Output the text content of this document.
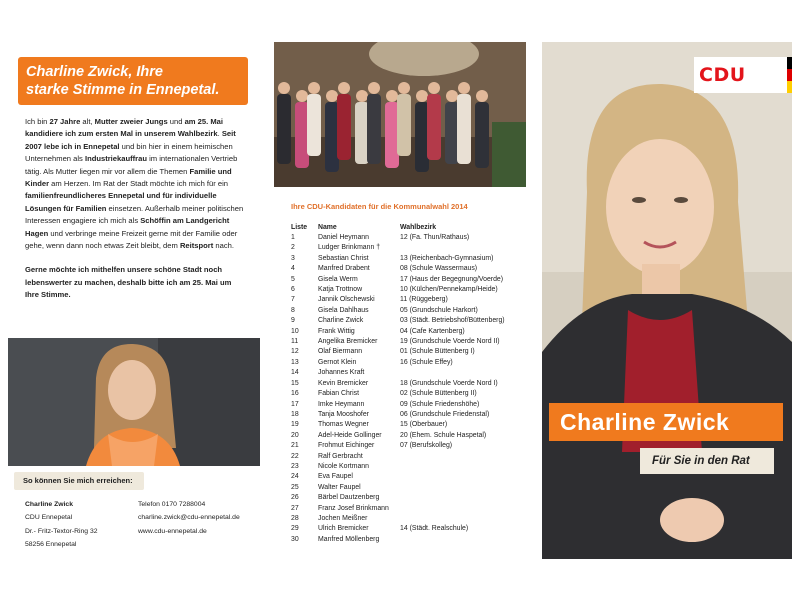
Charline Zwick, Ihre
starke Stimme in Ennepetal.

Ich bin 27 Jahre alt, Mutter zweier Jungs und am 25. Mai kandidiere ich zum ersten Mal in unserem Wahlbezirk. Seit 2007 lebe ich in Ennepetal und bin hier in einem heimischen Unternehmen als Industriekauffrau im internationalen Vertrieb tätig. Als Mutter liegen mir vor allem die Themen Familie und Kinder am Herzen. Im Rat der Stadt möchte ich mich für ein familienfreundlicheres Ennepetal und für individuelle Lösungen für Familien einsetzen. Außerhalb meiner politischen Interessen engagiere ich mich als Schöffin am Landgericht Hagen und verbringe meine Freizeit gerne mit der Familie oder gehe, wenn dann noch etwas Zeit bleibt, dem Reitsport nach.

Gerne möchte ich mithelfen unsere schöne Stadt noch lebenswerter zu machen, deshalb bitte ich am 25. Mai um Ihre Stimme.

So können Sie mich erreichen:
Charline Zwick
CDU Ennepetal
Dr.- Fritz-Textor-Ring 32
58256 Ennepetal
Telefon 0170 7288004
charline.zwick@cdu-ennepetal.de
www.cdu-ennepetal.de
Ihre CDU-Kandidaten für die Kommunalwahl 2014
Liste	Name	Wahlbezirk
1	Daniel Heymann	12 (Fa. Thun/Rathaus)
2	Ludger Brinkmann †	
3	Sebastian Christ	13 (Reichenbach-Gymnasium)
4	Manfred Drabent	08 (Schule Wassermaus)
5	Gisela Werm	17 (Haus der Begegnung/Voerde)
6	Katja Trottnow	10 (Külchen/Pennekamp/Heide)
7	Jannik Olschewski	11 (Rüggeberg)
8	Gisela Dahlhaus	05 (Grundschule Harkort)
9	Charline Zwick	03 (Städt. Betriebshof/Büttenberg)
10	Frank Wittig	04 (Cafe Kartenberg)
11	Angelika Bremicker	19 (Grundschule Voerde Nord II)
12	Olaf Biermann	01 (Schule Büttenberg I)
13	Gernot Klein	16 (Schule Effey)
14	Johannes Kraft	
15	Kevin Bremicker	18 (Grundschule Voerde Nord I)
16	Fabian Christ	02 (Schule Büttenberg II)
17	Imke Heymann	09 (Schule Friedenshöhe)
18	Tanja Mooshofer	06 (Grundschule Friedenstal)
19	Thomas Wegner	15 (Oberbauer)
20	Adel-Heide Gollinger	20 (Ehem. Schule Haspetal)
21	Frohmut Eichinger	07 (Berufskolleg)
22	Ralf Gerbracht	
23	Nicole Kortmann	
24	Eva Faupel	
25	Walter Faupel	
26	Bärbel Dautzenberg	
27	Franz Josef Brinkmann	
28	Jochen Meißner	
29	Ulrich Bremicker	14 (Städt. Realschule)
30	Manfred Möllenberg	
CDU
Charline Zwick
Für Sie in den Rat
